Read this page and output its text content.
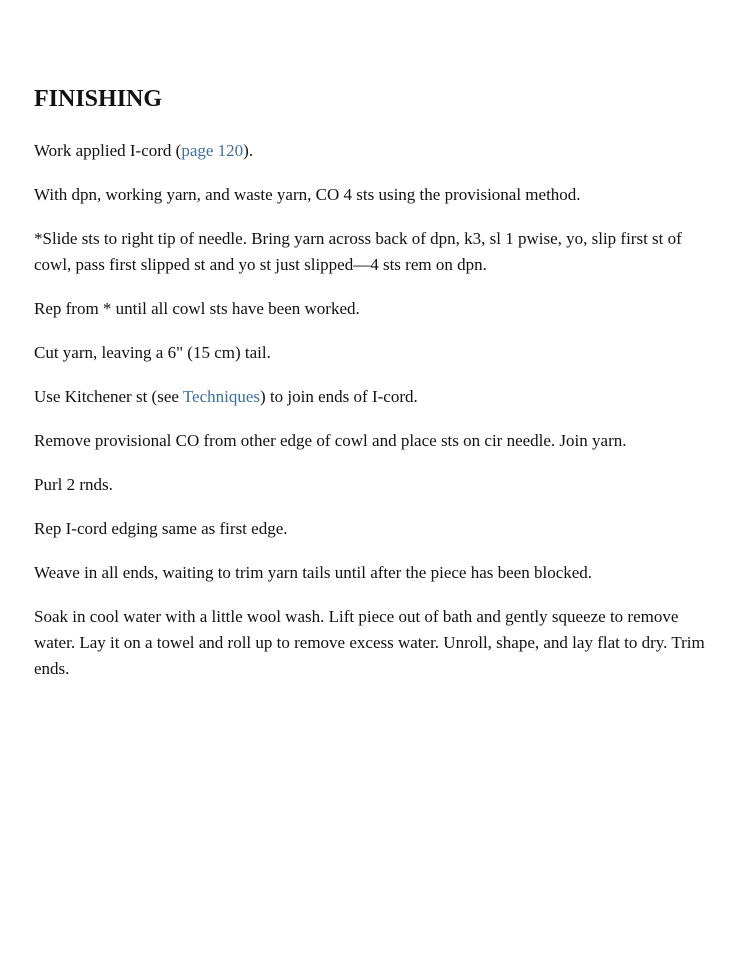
FINISHING

Work applied I-cord (page 120).

With dpn, working yarn, and waste yarn, CO 4 sts using the provisional method.

*Slide sts to right tip of needle. Bring yarn across back of dpn, k3, sl 1 pwise, yo, slip first st of cowl, pass first slipped st and yo st just slipped—4 sts rem on dpn.

Rep from * until all cowl sts have been worked.

Cut yarn, leaving a 6" (15 cm) tail.

Use Kitchener st (see Techniques) to join ends of I-cord.

Remove provisional CO from other edge of cowl and place sts on cir needle. Join yarn.

Purl 2 rnds.

Rep I-cord edging same as first edge.

Weave in all ends, waiting to trim yarn tails until after the piece has been blocked.

Soak in cool water with a little wool wash. Lift piece out of bath and gently squeeze to remove water. Lay it on a towel and roll up to remove excess water. Unroll, shape, and lay flat to dry. Trim ends.
